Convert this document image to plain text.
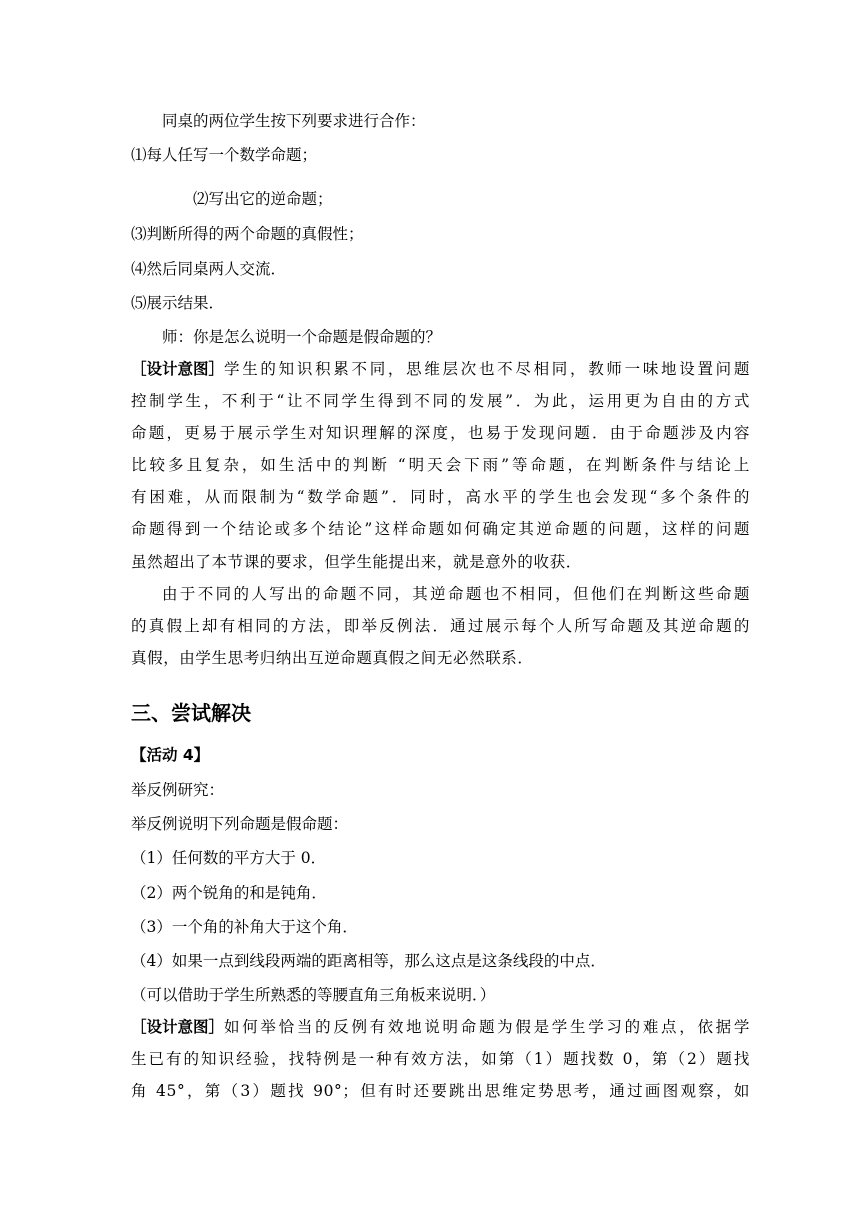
同桌的两位学生按下列要求进行合作：
⑴每人任写一个数学命题；
⑵写出它的逆命题；
⑶判断所得的两个命题的真假性；
⑷然后同桌两人交流．
⑸展示结果．
师：你是怎么说明一个命题是假命题的？
［设计意图］ 学生的知识积累不同，思维层次也不尽相同，教师一味地设置问题
控制学生，不利于“让不同学生得到不同的发展”．为此，运用更为自由的方式
命题，更易于展示学生对知识理解的深度，也易于发现问题．由于命题涉及内容
比较多且复杂，如生活中的判断 “明天会下雨”等命题，在判断条件与结论上
有困难，从而限制为“数学命题”．同时，高水平的学生也会发现“多个条件的
命题得到一个结论或多个结论”这样命题如何确定其逆命题的问题，这样的问题
虽然超出了本节课的要求，但学生能提出来，就是意外的收获．
由于不同的人写出的命题不同，其逆命题也不相同，但他们在判断这些命题
的真假上却有相同的方法，即举反例法．通过展示每个人所写命题及其逆命题的
真假，由学生思考归纳出互逆命题真假之间无必然联系．
三、尝试解决
【活动 4】
举反例研究：
举反例说明下列命题是假命题：
（1）任何数的平方大于 0．
（2）两个锐角的和是钝角．
（3）一个角的补角大于这个角．
（4）如果一点到线段两端的距离相等，那么这点是这条线段的中点．
（可以借助于学生所熟悉的等腰直角三角板来说明．）
［设计意图］ 如何举恰当的反例有效地说明命题为假是学生学习的难点，依据学
生已有的知识经验，找特例是一种有效方法，如第（1）题找数 0，第（2）题找
角 45°，第（3）题找 90°；但有时还要跳出思维定势思考，通过画图观察，如
